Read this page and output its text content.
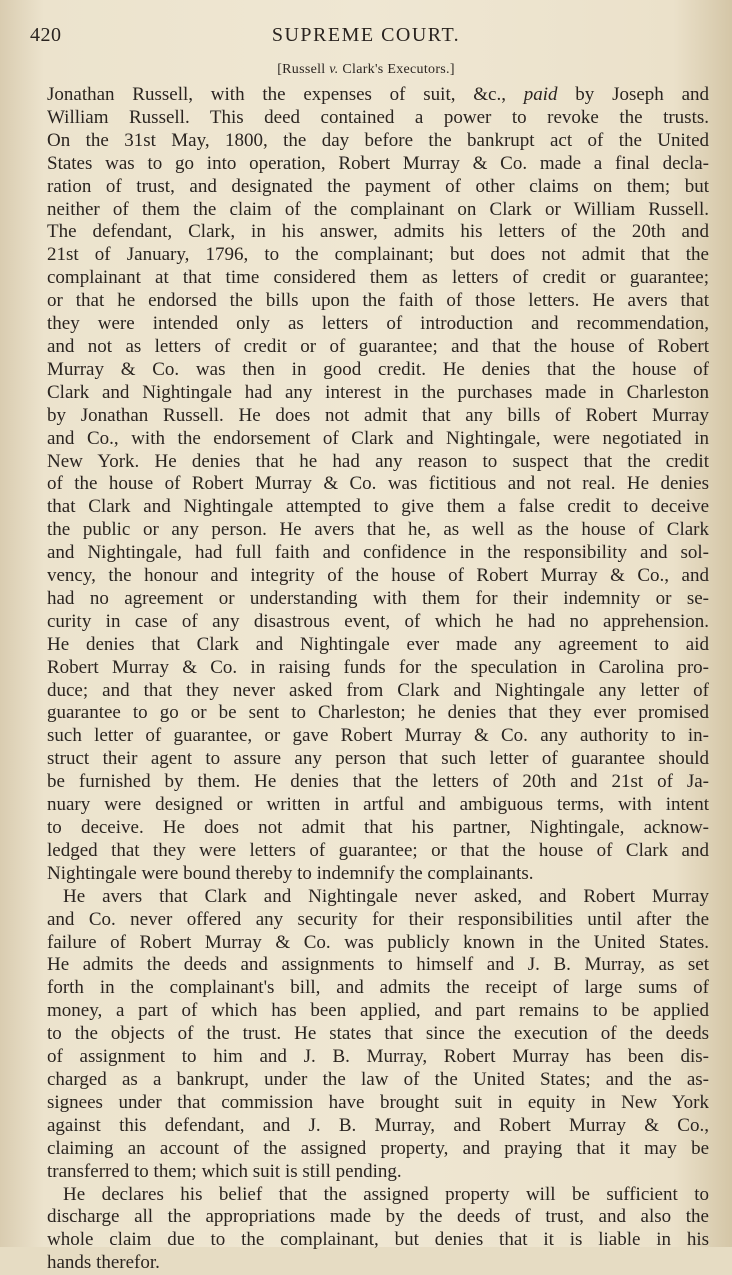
420	SUPREME COURT.
[Russell v. Clark's Executors.]
Jonathan Russell, with the expenses of suit, &c., paid by Joseph and
William Russell. This deed contained a power to revoke the trusts.
On the 31st May, 1800, the day before the bankrupt act of the United
States was to go into operation, Robert Murray & Co. made a final decla-
ration of trust, and designated the payment of other claims on them; but
neither of them the claim of the complainant on Clark or William Russell.
The defendant, Clark, in his answer, admits his letters of the 20th and
21st of January, 1796, to the complainant; but does not admit that the
complainant at that time considered them as letters of credit or guarantee;
or that he endorsed the bills upon the faith of those letters. He avers that
they were intended only as letters of introduction and recommendation,
and not as letters of credit or of guarantee; and that the house of Robert
Murray & Co. was then in good credit. He denies that the house of
Clark and Nightingale had any interest in the purchases made in Charleston
by Jonathan Russell. He does not admit that any bills of Robert Murray
and Co., with the endorsement of Clark and Nightingale, were negotiated in
New York. He denies that he had any reason to suspect that the credit
of the house of Robert Murray & Co. was fictitious and not real. He denies
that Clark and Nightingale attempted to give them a false credit to deceive
the public or any person. He avers that he, as well as the house of Clark
and Nightingale, had full faith and confidence in the responsibility and sol-
vency, the honour and integrity of the house of Robert Murray & Co., and
had no agreement or understanding with them for their indemnity or se-
curity in case of any disastrous event, of which he had no apprehension.
He denies that Clark and Nightingale ever made any agreement to aid
Robert Murray & Co. in raising funds for the speculation in Carolina pro-
duce; and that they never asked from Clark and Nightingale any letter of
guarantee to go or be sent to Charleston; he denies that they ever promised
such letter of guarantee, or gave Robert Murray & Co. any authority to in-
struct their agent to assure any person that such letter of guarantee should
be furnished by them. He denies that the letters of 20th and 21st of Ja-
nuary were designed or written in artful and ambiguous terms, with intent
to deceive. He does not admit that his partner, Nightingale, acknow-
ledged that they were letters of guarantee; or that the house of Clark and
Nightingale were bound thereby to indemnify the complainants.
He avers that Clark and Nightingale never asked, and Robert Murray
and Co. never offered any security for their responsibilities until after the
failure of Robert Murray & Co. was publicly known in the United States.
He admits the deeds and assignments to himself and J. B. Murray, as set
forth in the complainant's bill, and admits the receipt of large sums of
money, a part of which has been applied, and part remains to be applied
to the objects of the trust. He states that since the execution of the deeds
of assignment to him and J. B. Murray, Robert Murray has been dis-
charged as a bankrupt, under the law of the United States; and the as-
signees under that commission have brought suit in equity in New York
against this defendant, and J. B. Murray, and Robert Murray & Co.,
claiming an account of the assigned property, and praying that it may be
transferred to them; which suit is still pending.
He declares his belief that the assigned property will be sufficient to
discharge all the appropriations made by the deeds of trust, and also the
whole claim due to the complainant, but denies that it is liable in his
hands therefor.
